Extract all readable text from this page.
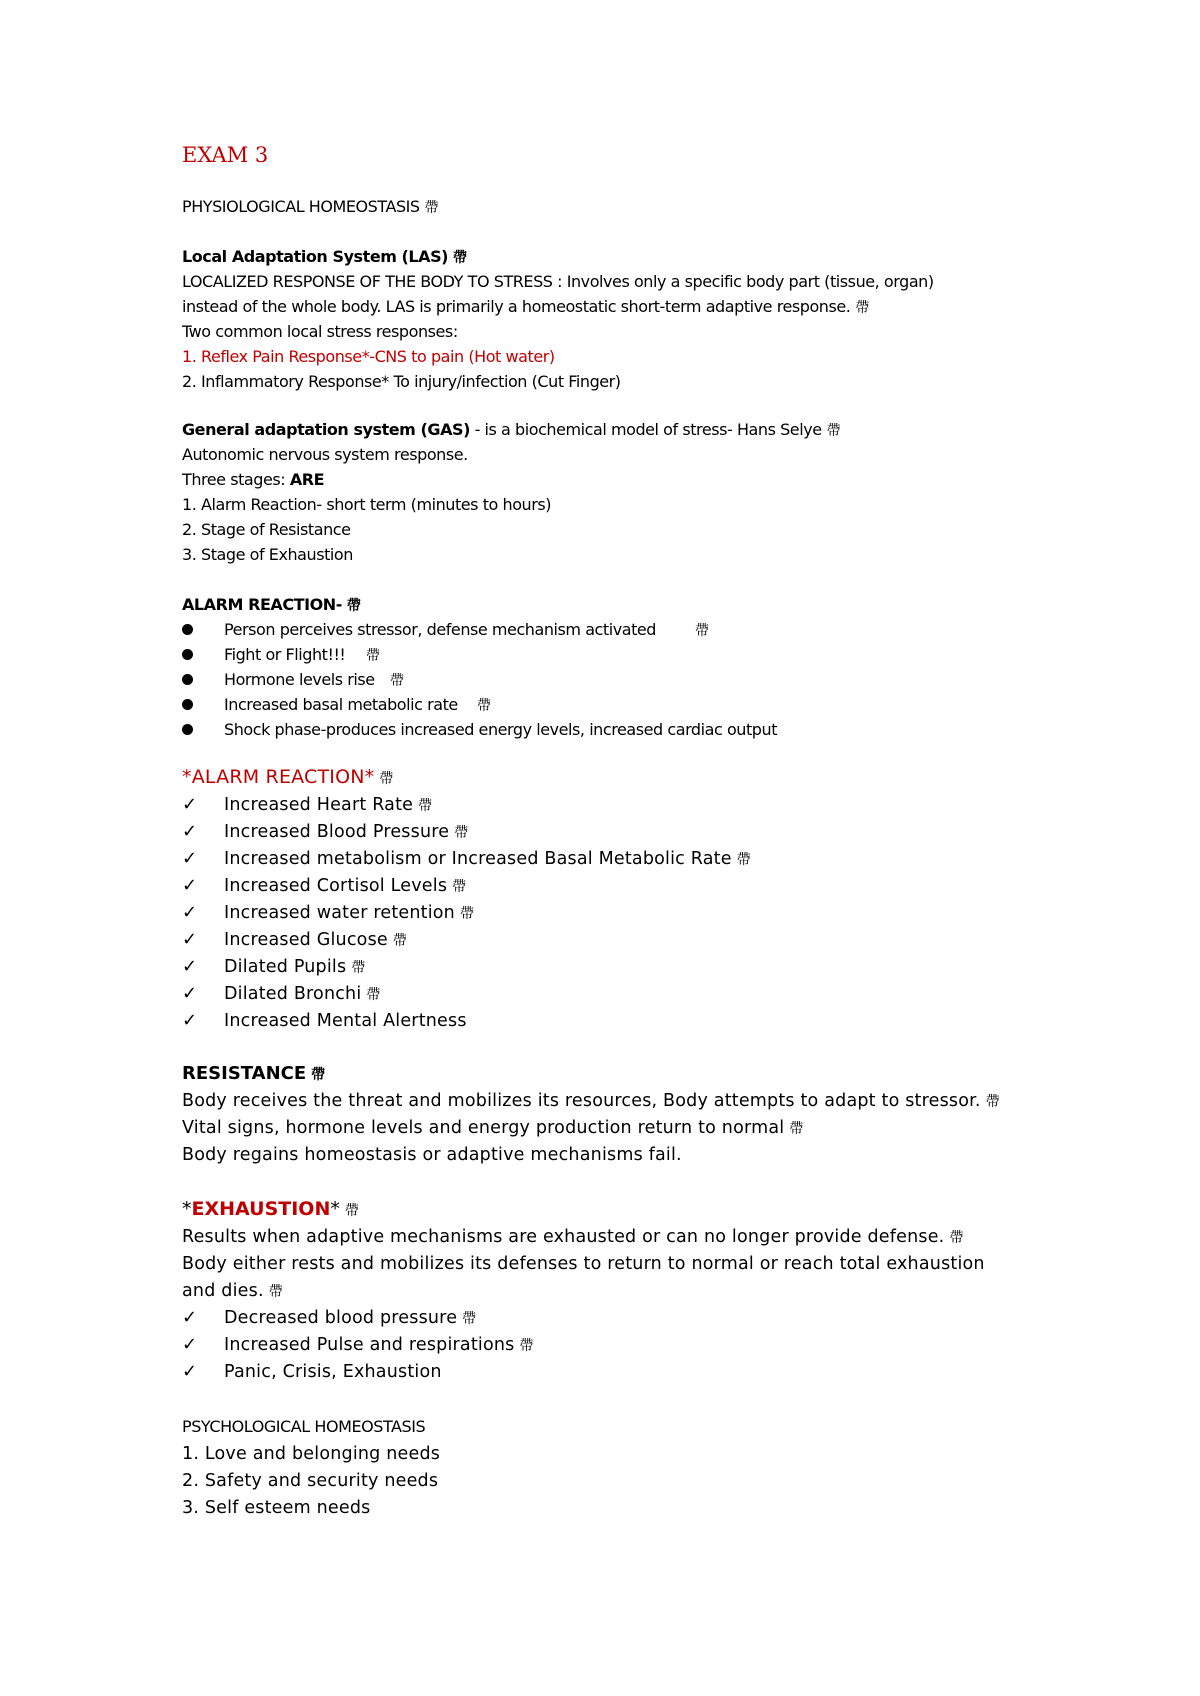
EXAM 3
PHYSIOLOGICAL HOMEOSTASIS 帶
Local Adaptation System (LAS) 帶
LOCALIZED RESPONSE OF THE BODY TO STRESS : Involves only a specific body part (tissue, organ)
instead of the whole body. LAS is primarily a homeostatic short-term adaptive response. 帶
Two common local stress responses:
1. Reflex Pain Response*-CNS to pain (Hot water)
2. Inflammatory Response* To injury/infection (Cut Finger)
General adaptation system (GAS) - is a biochemical model of stress- Hans Selye 帶
Autonomic nervous system response.
Three stages: ARE
1. Alarm Reaction- short term (minutes to hours)
2. Stage of Resistance
3. Stage of Exhaustion
ALARM REACTION- 帶
Person perceives stressor, defense mechanism activated	帶
Fight or Flight!!!	帶
Hormone levels rise	帶
Increased basal metabolic rate	帶
Shock phase-produces increased energy levels, increased cardiac output
*ALARM REACTION* 帶
✓ Increased Heart Rate 帶
✓ Increased Blood Pressure 帶
✓ Increased metabolism or Increased Basal Metabolic Rate 帶
✓ Increased Cortisol Levels 帶
✓ Increased water retention 帶
✓ Increased Glucose 帶
✓ Dilated Pupils 帶
✓ Dilated Bronchi 帶
✓ Increased Mental Alertness
RESISTANCE 帶
Body receives the threat and mobilizes its resources, Body attempts to adapt to stressor. 帶
Vital signs, hormone levels and energy production return to normal 帶
Body regains homeostasis or adaptive mechanisms fail.
*EXHAUSTION* 帶
Results when adaptive mechanisms are exhausted or can no longer provide defense. 帶
Body either rests and mobilizes its defenses to return to normal or reach total exhaustion
and dies. 帶
✓ Decreased blood pressure 帶
✓ Increased Pulse and respirations 帶
✓ Panic, Crisis, Exhaustion
PSYCHOLOGICAL HOMEOSTASIS
1. Love and belonging needs
2. Safety and security needs
3. Self esteem needs
